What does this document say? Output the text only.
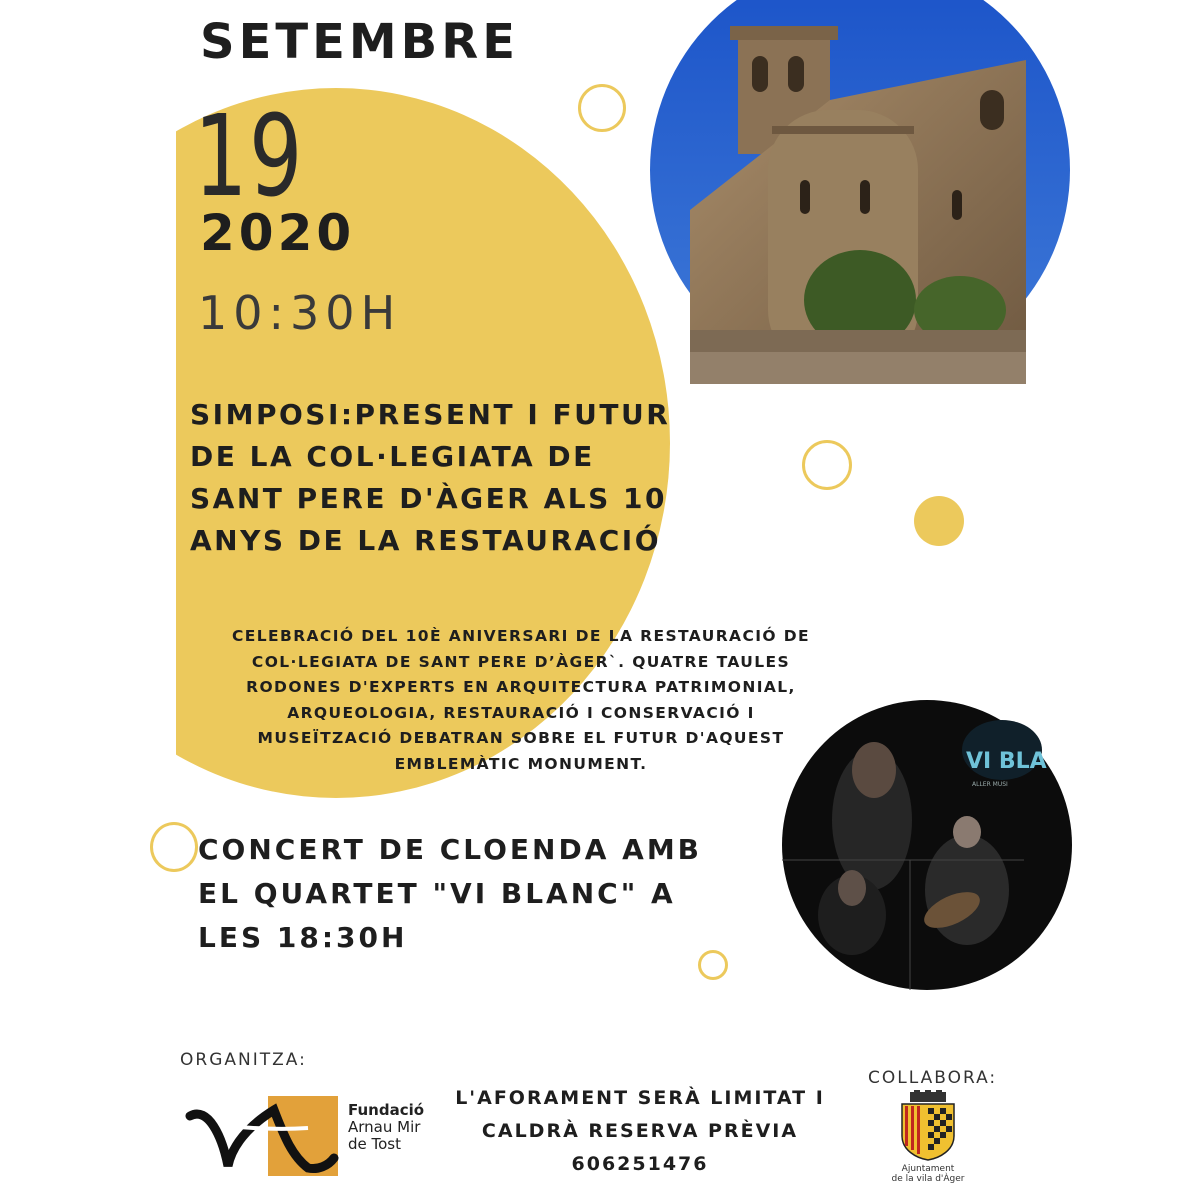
SETEMBRE
19
2020
10:30H
SIMPOSI:PRESENT I FUTUR
DE LA COL·LEGIATA DE
SANT PERE D'ÀGER ALS 10
ANYS DE LA RESTAURACIÓ
CELEBRACIÓ DEL 10È ANIVERSARI DE LA RESTAURACIÓ DE
COL·LEGIATA DE SANT PERE D’ÀGER`. QUATRE TAULES
RODONES D'EXPERTS EN ARQUITECTURA PATRIMONIAL,
ARQUEOLOGIA, RESTAURACIÓ I CONSERVACIÓ I
MUSEÏTZACIÓ DEBATRAN SOBRE EL FUTUR D'AQUEST
EMBLEMÀTIC MONUMENT.	VI BLA
ALLER MUSI
CONCERT DE CLOENDA AMB
EL QUARTET "VI BLANC" A
LES 18:30H
ORGANITZA:
COLLABORA:
Fundació
Arnau Mir
de Tost
L'AFORAMENT SERÀ LIMITAT I
CALDRÀ RESERVA PRÈVIA
606251476	Ajuntament
de la vila d'Àger
